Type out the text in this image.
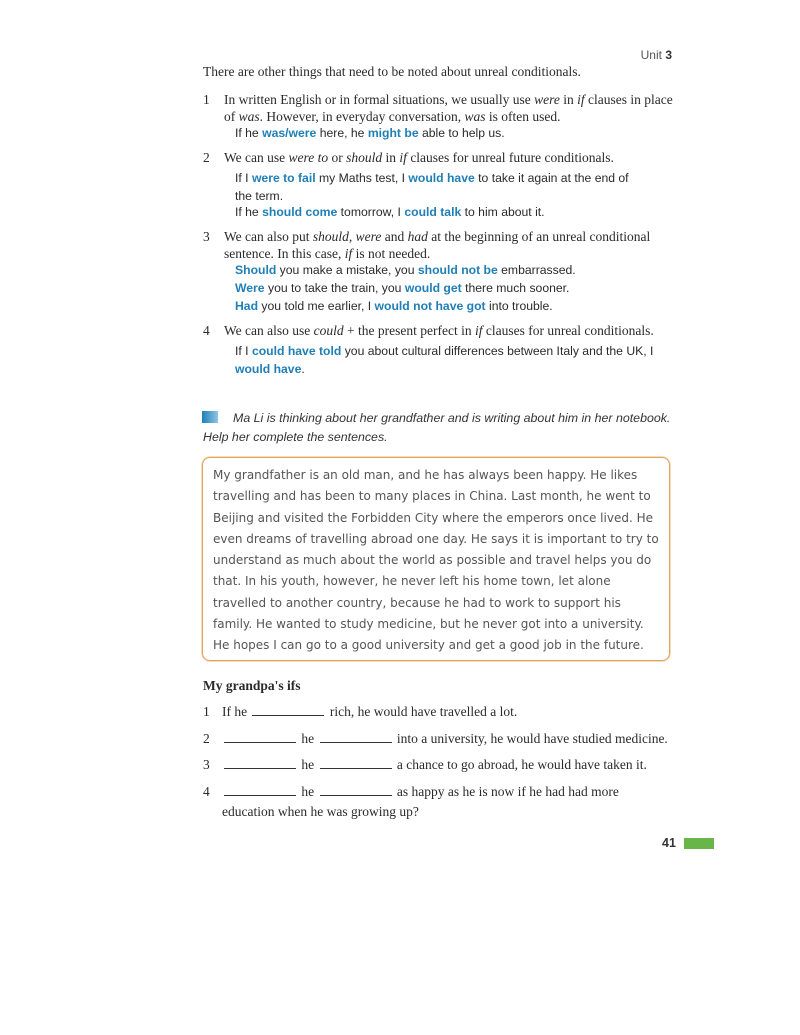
Unit 3
There are other things that need to be noted about unreal conditionals.
1 In written English or in formal situations, we usually use were in if clauses in place of was. However, in everyday conversation, was is often used.
If he was/were here, he might be able to help us.
2 We can use were to or should in if clauses for unreal future conditionals.
If I were to fail my Maths test, I would have to take it again at the end of the term.
If he should come tomorrow, I could talk to him about it.
3 We can also put should, were and had at the beginning of an unreal conditional sentence. In this case, if is not needed.
Should you make a mistake, you should not be embarrassed.
Were you to take the train, you would get there much sooner.
Had you told me earlier, I would not have got into trouble.
4 We can also use could + the present perfect in if clauses for unreal conditionals.
If I could have told you about cultural differences between Italy and the UK, I would have.
Ma Li is thinking about her grandfather and is writing about him in her notebook. Help her complete the sentences.
My grandfather is an old man, and he has always been happy. He likes travelling and has been to many places in China. Last month, he went to Beijing and visited the Forbidden City where the emperors once lived. He even dreams of travelling abroad one day. He says it is important to try to understand as much about the world as possible and travel helps you do that. In his youth, however, he never left his home town, let alone travelled to another country, because he had to work to support his family. He wanted to study medicine, but he never got into a university. He hopes I can go to a good university and get a good job in the future.
My grandpa's ifs
1 If he	rich, he would have travelled a lot.
2	he	into a university, he would have studied medicine.
3	he	a chance to go abroad, he would have taken it.
4	he	as happy as he is now if he had had more education when he was growing up?
41
